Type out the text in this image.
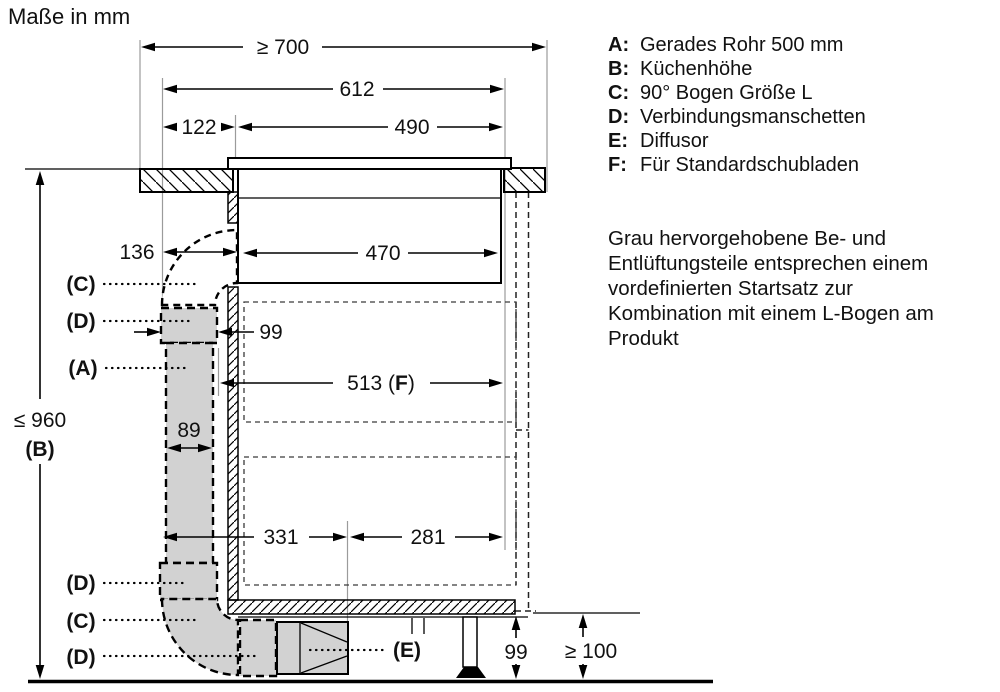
Maße in mm
A: Gerades Rohr 500 mm
B: Küchenhöhe
C: 90° Bogen Größe L
D: Verbindungsmanschetten
E: Diffusor
F: Für Standardschubladen
Grau hervorgehobene Be- und
Entlüftungsteile entsprechen einem
vordefinierten Startsatz zur
Kombination mit einem L-Bogen am
Produkt
≥ 700
612
122	490
136	470
99
513 (F)
89
331	281
≤ 960
(B)
99 ≥ 100
(C)
(D)
(A)
(D)
(C)
(D)	(E)
